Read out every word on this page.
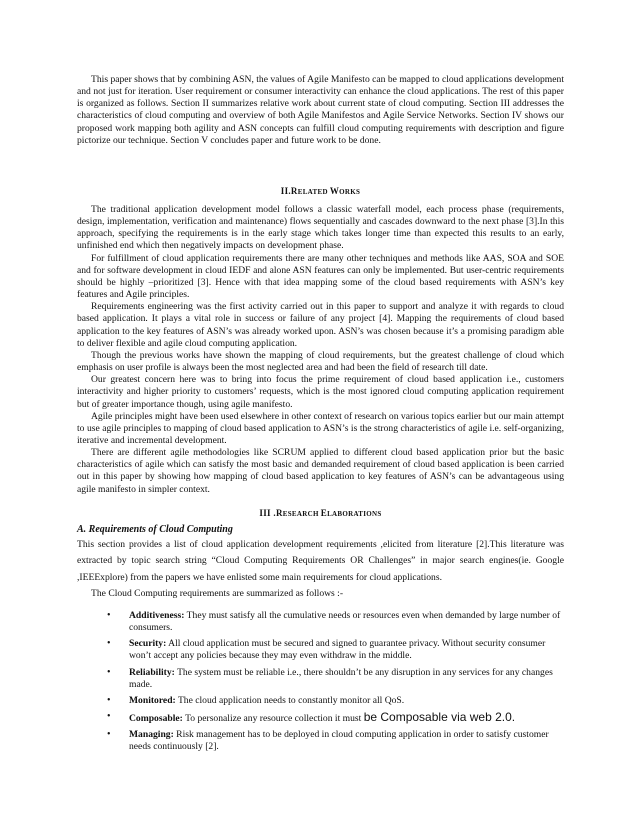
This paper shows that by combining ASN, the values of Agile Manifesto can be mapped to cloud applications development and not just for iteration. User requirement or consumer interactivity can enhance the cloud applications. The rest of this paper is organized as follows. Section II summarizes relative work about current state of cloud computing. Section III addresses the characteristics of cloud computing and overview of both Agile Manifestos and Agile Service Networks. Section IV shows our proposed work mapping both agility and ASN concepts can fulfill cloud computing requirements with description and figure pictorize our technique. Section V concludes paper and future work to be done.

II.RELATED WORKS

The traditional application development model follows a classic waterfall model, each process phase (requirements, design, implementation, verification and maintenance) flows sequentially and cascades downward to the next phase [3].In this approach, specifying the requirements is in the early stage which takes longer time than expected this results to an early, unfinished end which then negatively impacts on development phase.

For fulfillment of cloud application requirements there are many other techniques and methods like AAS, SOA and SOE and for software development in cloud IEDF and alone ASN features can only be implemented. But user-centric requirements should be highly –prioritized [3]. Hence with that idea mapping some of the cloud based requirements with ASN’s key features and Agile principles.

Requirements engineering was the first activity carried out in this paper to support and analyze it with regards to cloud based application. It plays a vital role in success or failure of any project [4]. Mapping the requirements of cloud based application to the key features of ASN’s was already worked upon. ASN’s was chosen because it’s a promising paradigm able to deliver flexible and agile cloud computing application.

Though the previous works have shown the mapping of cloud requirements, but the greatest challenge of cloud which emphasis on user profile is always been the most neglected area and had been the field of research till date.

Our greatest concern here was to bring into focus the prime requirement of cloud based application i.e., customers interactivity and higher priority to customers’ requests, which is the most ignored cloud computing application requirement but of greater importance though, using agile manifesto.

Agile principles might have been used elsewhere in other context of research on various topics earlier but our main attempt to use agile principles to mapping of cloud based application to ASN’s is the strong characteristics of agile i.e. self-organizing, iterative and incremental development.

There are different agile methodologies like SCRUM applied to different cloud based application prior but the basic characteristics of agile which can satisfy the most basic and demanded requirement of cloud based application is been carried out in this paper by showing how mapping of cloud based application to key features of ASN’s can be advantageous using agile manifesto in simpler context.

III .RESEARCH ELABORATIONS
A. Requirements of Cloud Computing

This section provides a list of cloud application development requirements ,elicited from literature [2].This literature was extracted by topic search string “Cloud Computing Requirements OR Challenges” in major search engines(ie. Google ,IEEExplore) from the papers we have enlisted some main requirements for cloud applications.

The Cloud Computing requirements are summarized as follows :-

• Additiveness: They must satisfy all the cumulative needs or resources even when demanded by large number of consumers.
• Security: All cloud application must be secured and signed to guarantee privacy. Without security consumer won’t accept any policies because they may even withdraw in the middle.
• Reliability: The system must be reliable i.e., there shouldn’t be any disruption in any services for any changes made.
• Monitored: The cloud application needs to constantly monitor all QoS.
• Composable: To personalize any resource collection it must be Composable via web 2.0.
• Managing: Risk management has to be deployed in cloud computing application in order to satisfy customer needs continuously [2].
